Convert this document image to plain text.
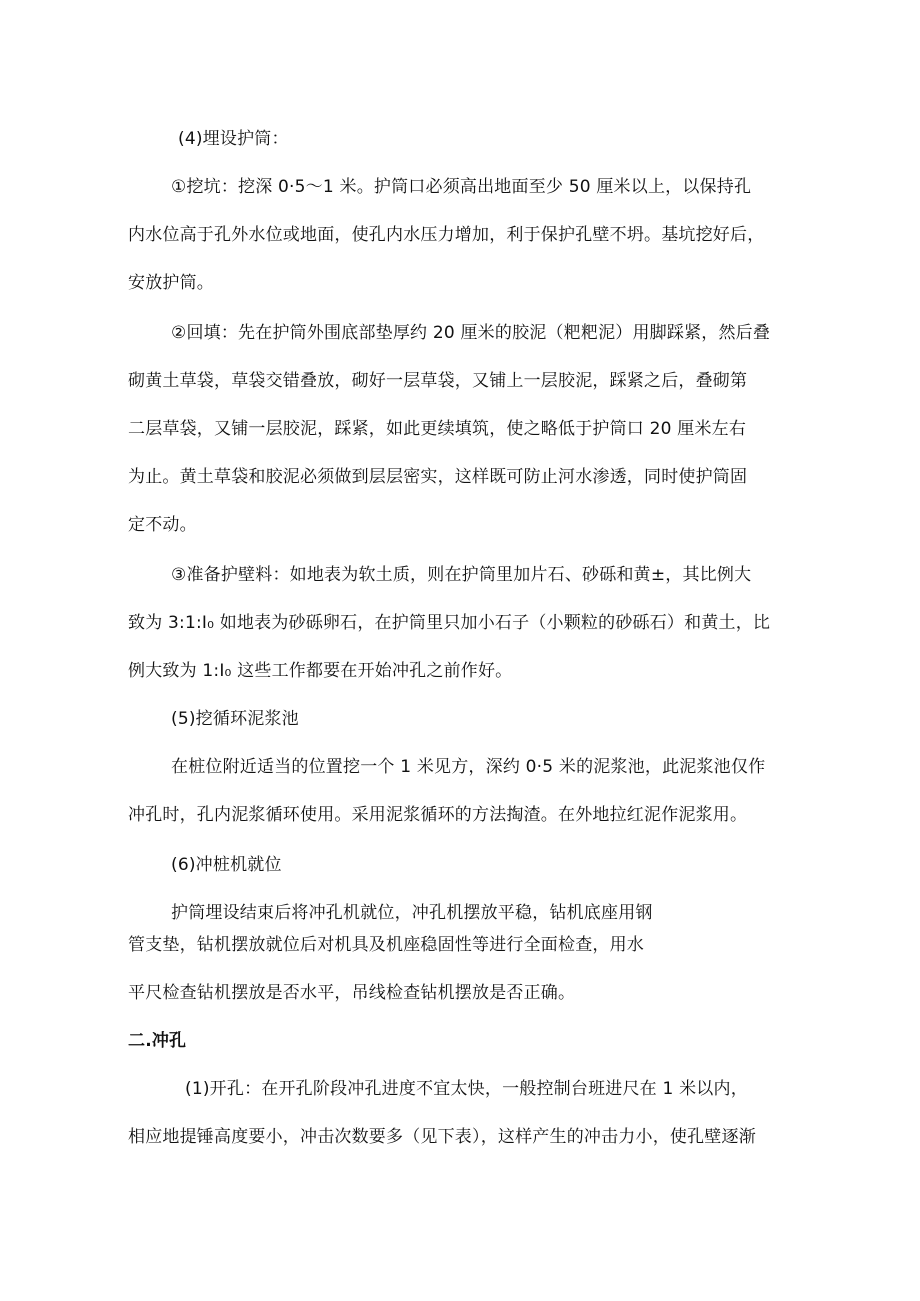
(4)埋设护筒：
①挖坑：挖深 0·5～1 米。护筒口必须高出地面至少 50 厘米以上，以保持孔
内水位高于孔外水位或地面，使孔内水压力增加，利于保护孔壁不坍。基坑挖好后，
安放护筒。
②回填：先在护筒外围底部垫厚约 20 厘米的胶泥（粑粑泥）用脚踩紧，然后叠
砌黄土草袋，草袋交错叠放，砌好一层草袋，又铺上一层胶泥，踩紧之后，叠砌第
二层草袋，又铺一层胶泥，踩紧，如此更续填筑，使之略低于护筒口 20 厘米左右
为止。黄土草袋和胶泥必须做到层层密实，这样既可防止河水渗透，同时使护筒固
定不动。
③准备护壁料：如地表为软土质，则在护筒里加片石、砂砾和黄±，其比例大
致为 3:1:I₀ 如地表为砂砾卵石，在护筒里只加小石子（小颗粒的砂砾石）和黄土，比
例大致为 1:I₀ 这些工作都要在开始冲孔之前作好。
(5)挖循环泥浆池
在桩位附近适当的位置挖一个 1 米见方，深约 0·5 米的泥浆池，此泥浆池仅作
冲孔时，孔内泥浆循环使用。采用泥浆循环的方法掏渣。在外地拉红泥作泥浆用。
(6)冲桩机就位
护筒埋设结束后将冲孔机就位，冲孔机摆放平稳，钻机底座用钢
管支垫，钻机摆放就位后对机具及机座稳固性等进行全面检查，用水
平尺检查钻机摆放是否水平，吊线检查钻机摆放是否正确。
二.冲孔
(1)开孔：在开孔阶段冲孔进度不宜太快，一般控制台班进尺在 1 米以内，
相应地提锤高度要小，冲击次数要多（见下表），这样产生的冲击力小，使孔壁逐渐
